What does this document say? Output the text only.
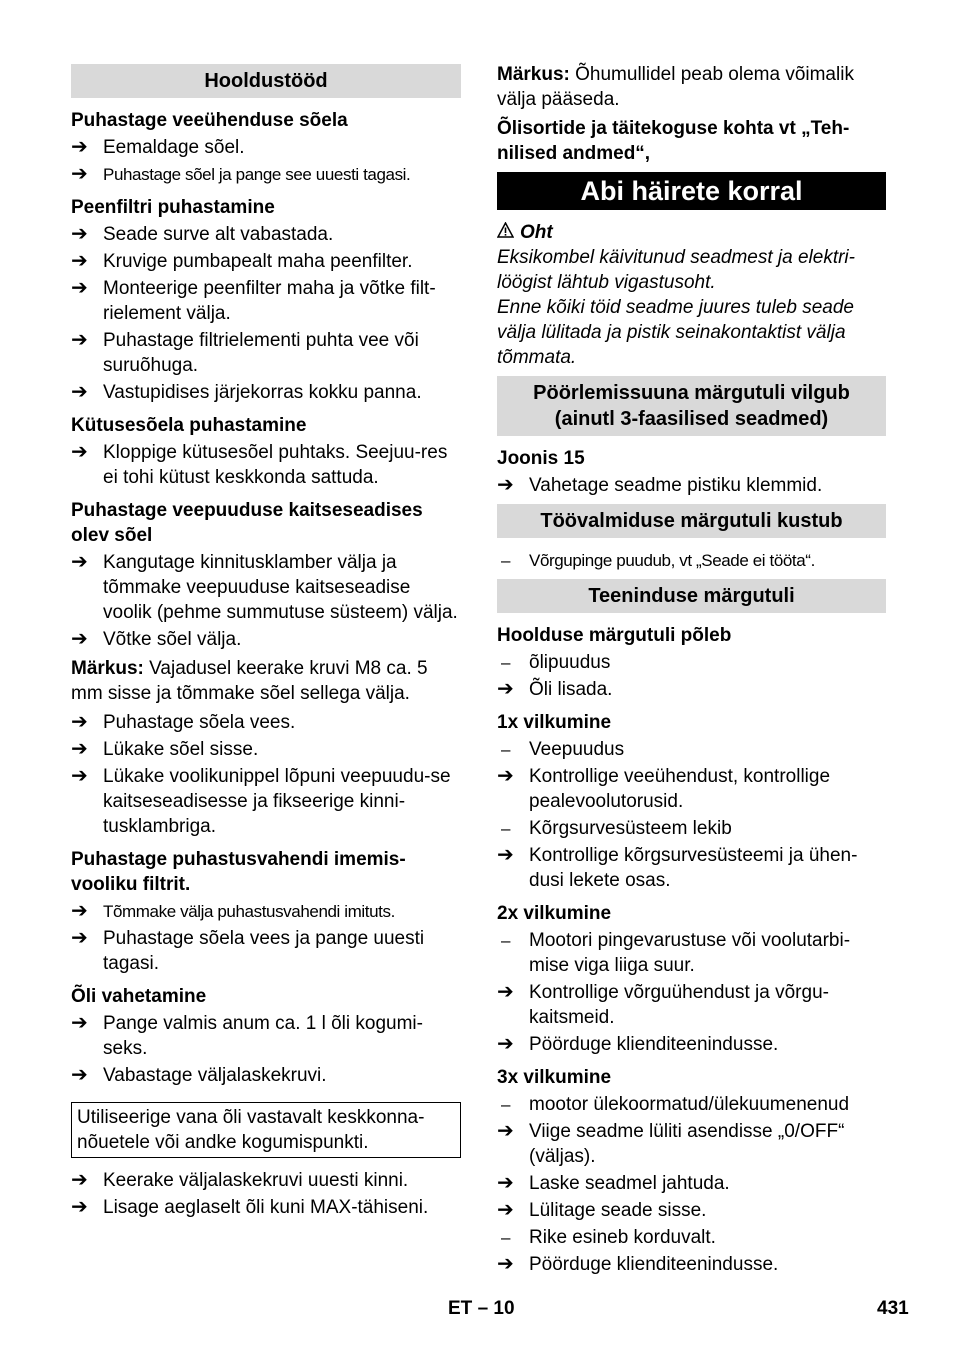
Hooldustööd
Puhastage veeühenduse sõela
➔ Eemaldage sõel.
➔ Puhastage sõel ja pange see uuesti tagasi.
Peenfiltri puhastamine
➔ Seade surve alt vabastada.
➔ Kruvige pumbapealt maha peenfilter.
➔ Monteerige peenfilter maha ja võtke filt-rielement välja.
➔ Puhastage filtrielementi puhta vee või suruõhuga.
➔ Vastupidises järjekorras kokku panna.
Kütusesõela puhastamine
➔ Kloppige kütusesõel puhtaks. Seejuu-res ei tohi kütust keskkonda sattuda.
Puhastage veepuuduse kaitseseadises olev sõel
➔ Kangutage kinnitusklamber välja ja tõmmake veepuuduse kaitseseadise voolik (pehme summutuse süsteem) välja.
➔ Võtke sõel välja.
Märkus: Vajadusel keerake kruvi M8 ca. 5 mm sisse ja tõmmake sõel sellega välja.
➔ Puhastage sõela vees.
➔ Lükake sõel sisse.
➔ Lükake voolikunippel lõpuni veepuudu-se kaitseseadisesse ja fikseerige kinni-tusklambriga.
Puhastage puhastusvahendi imemis-vooliku filtrit.
➔ Tõmmake välja puhastusvahendi imituts.
➔ Puhastage sõela vees ja pange uuesti tagasi.
Õli vahetamine
➔ Pange valmis anum ca. 1 l õli kogumi-seks.
➔ Vabastage väljalaskekruvi.
Utiliseerige vana õli vastavalt keskkonna-nõuetele või andke kogumispunkti.
➔ Keerake väljalaskekruvi uuesti kinni.
➔ Lisage aeglaselt õli kuni MAX-tähiseni.
Märkus: Õhumullidel peab olema võimalik välja pääseda.
Õlisortide ja täitekoguse kohta vt „Teh-nilised andmed“,
Abi häirete korral
Oht
Eksikombel käivitunud seadmest ja elektri-löögist lähtub vigastusoht.
Enne kõiki töid seadme juures tuleb seade välja lülitada ja pistik seinakontaktist välja tõmmata.
Pöörlemissuuna märgutuli vilgub (ainutl 3-faasilised seadmed)
Joonis 15
➔ Vahetage seadme pistiku klemmid.
Töövalmiduse märgutuli kustub
–	Võrgupinge puudub, vt „Seade ei tööta“.
Teeninduse märgutuli
Hoolduse märgutuli põleb
– õlipuudus
➔ Õli lisada.
1x vilkumine
– Veepuudus
➔ Kontrollige veeühendust, kontrollige pealevoolutorusid.
– Kõrgsurvesüsteem lekib
➔ Kontrollige kõrgsurvesüsteemi ja ühen-dusi lekete osas.
2x vilkumine
– Mootori pingevarustuse või voolutarbi-mise viga liiga suur.
➔ Kontrollige võrguühendust ja võrgu-kaitsmeid.
➔ Pöörduge klienditeenindusse.
3x vilkumine
– mootor ülekoormatud/ülekuumenenud
➔ Viige seadme lüliti asendisse „0/OFF“ (väljas).
➔ Laske seadmel jahtuda.
➔ Lülitage seade sisse.
– Rike esineb korduvalt.
➔ Pöörduge klienditeenindusse.
ET – 10	431
